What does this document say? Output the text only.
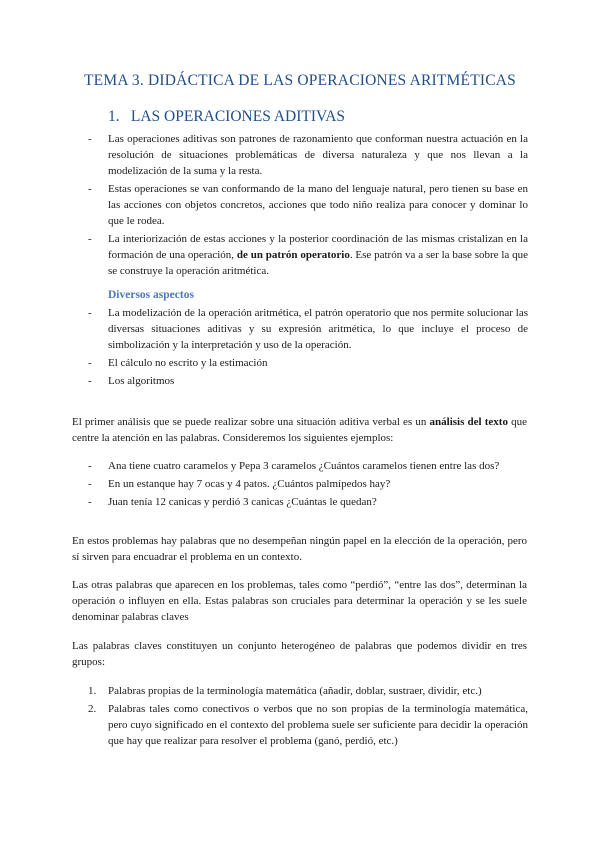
TEMA 3. DIDÁCTICA DE LAS OPERACIONES ARITMÉTICAS
1. LAS OPERACIONES ADITIVAS
- Las operaciones aditivas son patrones de razonamiento que conforman nuestra actuación en la resolución de situaciones problemáticas de diversa naturaleza y que nos llevan a la modelización de la suma y la resta.
- Estas operaciones se van conformando de la mano del lenguaje natural, pero tienen su base en las acciones con objetos concretos, acciones que todo niño realiza para conocer y dominar lo que le rodea.
- La interiorización de estas acciones y la posterior coordinación de las mismas cristalizan en la formación de una operación, de un patrón operatorio. Ese patrón va a ser la base sobre la que se construye la operación aritmética.
Diversos aspectos
- La modelización de la operación aritmética, el patrón operatorio que nos permite solucionar las diversas situaciones aditivas y su expresión aritmética, lo que incluye el proceso de simbolización y la interpretación y uso de la operación.
- El cálculo no escrito y la estimación
- Los algoritmos

El primer análisis que se puede realizar sobre una situación aditiva verbal es un análisis del texto que centre la atención en las palabras. Consideremos los siguientes ejemplos:

- Ana tiene cuatro caramelos y Pepa 3 caramelos ¿Cuántos caramelos tienen entre las dos?
- En un estanque hay 7 ocas y 4 patos. ¿Cuántos palmípedos hay?
- Juan tenía 12 canicas y perdió 3 canicas ¿Cuántas le quedan?

En estos problemas hay palabras que no desempeñan ningún papel en la elección de la operación, pero sí sirven para encuadrar el problema en un contexto.

Las otras palabras que aparecen en los problemas, tales como “perdió”, “entre las dos”, determinan la operación o influyen en ella. Estas palabras son cruciales para determinar la operación y se les suele denominar palabras claves

Las palabras claves constituyen un conjunto heterogéneo de palabras que podemos dividir en tres grupos:

1. Palabras propias de la terminología matemática (añadir, doblar, sustraer, dividir, etc.)
2. Palabras tales como conectivos o verbos que no son propias de la terminología matemática, pero cuyo significado en el contexto del problema suele ser suficiente para decidir la operación que hay que realizar para resolver el problema (ganó, perdió, etc.)
